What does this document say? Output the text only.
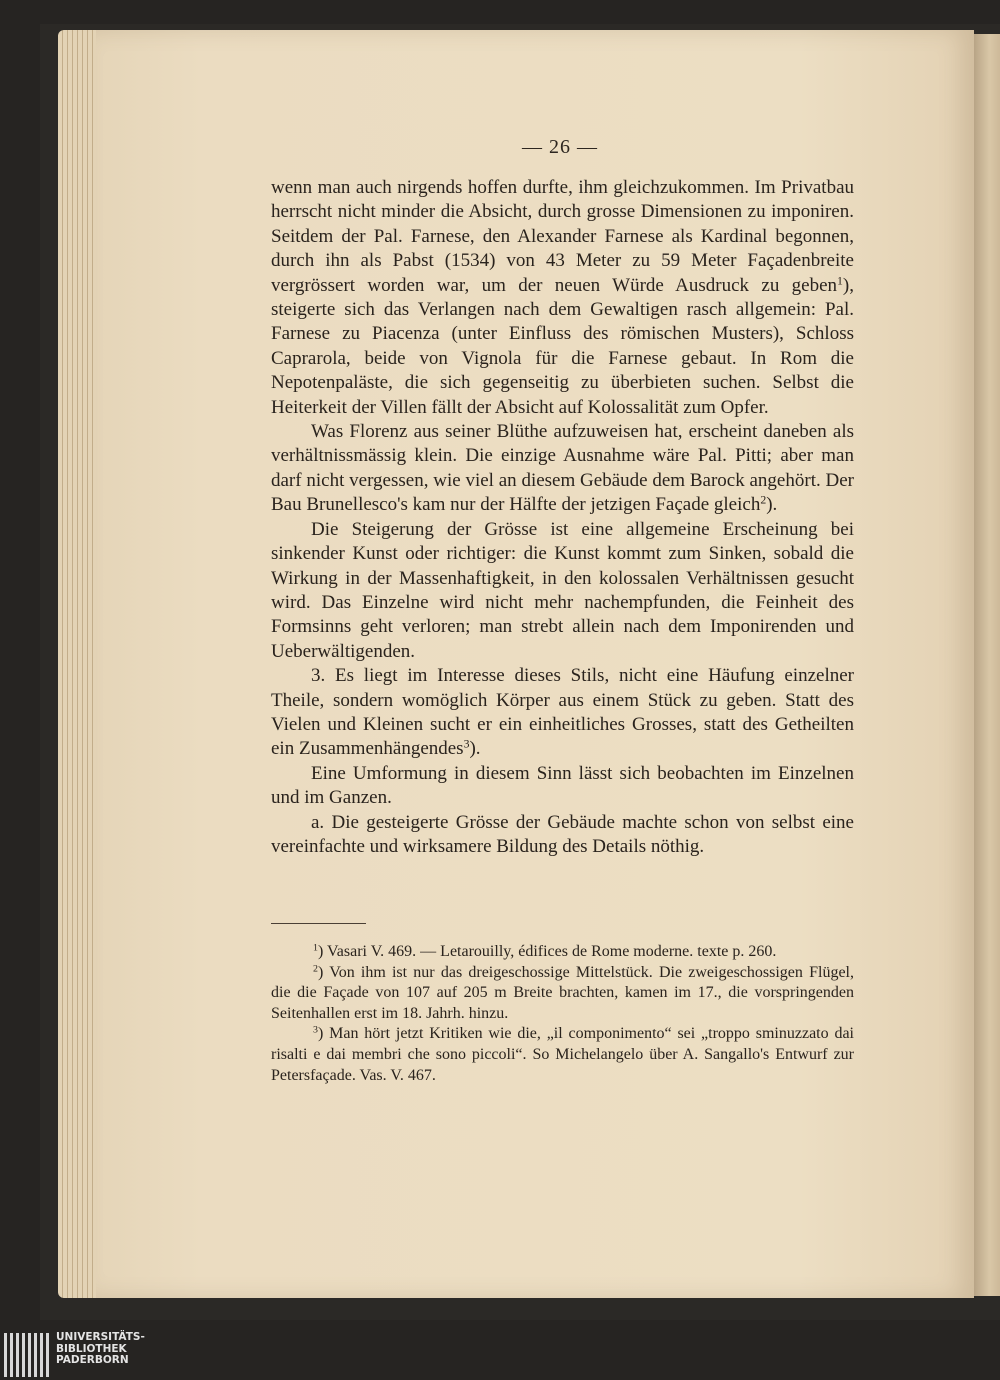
— 26 —

wenn man auch nirgends hoffen durfte, ihm gleichzukommen. Im Privatbau herrscht nicht minder die Absicht, durch grosse Dimensionen zu imponiren. Seitdem der Pal. Farnese, den Alexander Farnese als Kardinal begonnen, durch ihn als Pabst (1534) von 43 Meter zu 59 Meter Façadenbreite vergrössert worden war, um der neuen Würde Ausdruck zu geben$^1$), steigerte sich das Verlangen nach dem Gewaltigen rasch allgemein: Pal. Farnese zu Piacenza (unter Einfluss des römischen Musters), Schloss Caprarola, beide von Vignola für die Farnese gebaut. In Rom die Nepotenpaläste, die sich gegenseitig zu überbieten suchen. Selbst die Heiterkeit der Villen fällt der Absicht auf Kolossalität zum Opfer.

Was Florenz aus seiner Blüthe aufzuweisen hat, erscheint daneben als verhältnissmässig klein. Die einzige Ausnahme wäre Pal. Pitti; aber man darf nicht vergessen, wie viel an diesem Gebäude dem Barock angehört. Der Bau Brunellesco's kam nur der Hälfte der jetzigen Façade gleich$^2$).

Die Steigerung der Grösse ist eine allgemeine Erscheinung bei sinkender Kunst oder richtiger: die Kunst kommt zum Sinken, sobald die Wirkung in der Massenhaftigkeit, in den kolossalen Verhältnissen gesucht wird. Das Einzelne wird nicht mehr nachempfunden, die Feinheit des Formsinns geht verloren; man strebt allein nach dem Imponirenden und Ueberwältigenden.

3. Es liegt im Interesse dieses Stils, nicht eine Häufung einzelner Theile, sondern womöglich Körper aus einem Stück zu geben. Statt des Vielen und Kleinen sucht er ein einheitliches Grosses, statt des Getheilten ein Zusammenhängendes$^3$).

Eine Umformung in diesem Sinn lässt sich beobachten im Einzelnen und im Ganzen.

a. Die gesteigerte Grösse der Gebäude machte schon von selbst eine vereinfachte und wirksamere Bildung des Details nöthig.

$^1$) Vasari V. 469. — Letarouilly, édifices de Rome moderne. texte p. 260.

$^2$) Von ihm ist nur das dreigeschossige Mittelstück. Die zweigeschossigen Flügel, die die Façade von 107 auf 205 m Breite brachten, kamen im 17., die vorspringenden Seitenhallen erst im 18. Jahrh. hinzu.

$^3$) Man hört jetzt Kritiken wie die, „il componimento“ sei „troppo sminuzzato dai risalti e dai membri che sono piccoli“. So Michelangelo über A. Sangallo's Entwurf zur Petersfaçade. Vas. V. 467.

UNIVERSITÄTS-
BIBLIOTHEK
PADERBORN
